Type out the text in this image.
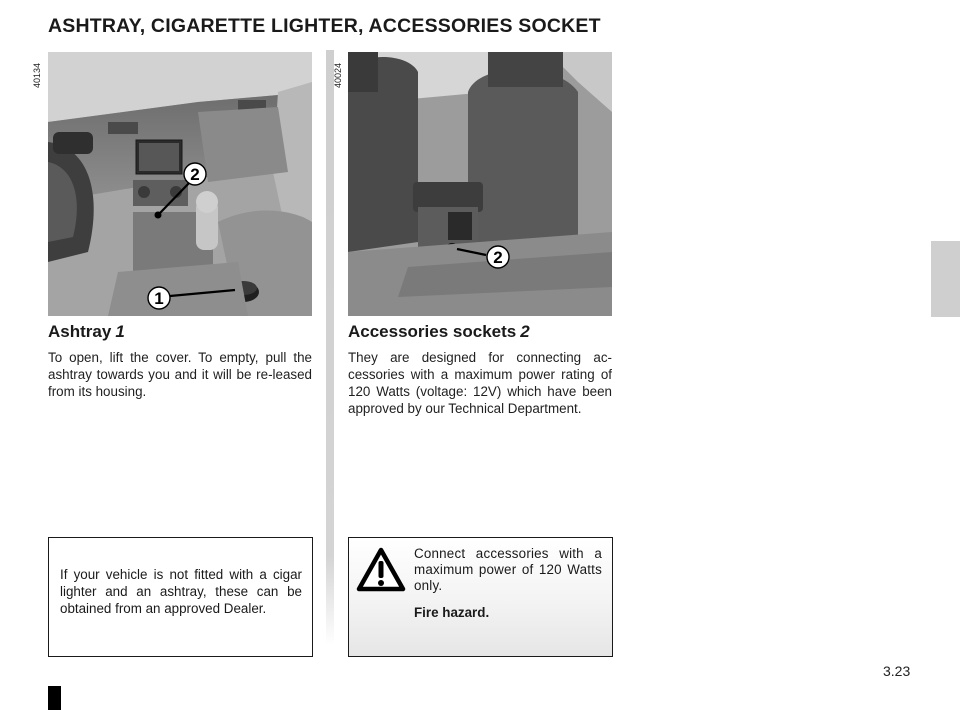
ASHTRAY, CIGARETTE LIGHTER, ACCESSORIES SOCKET
40134
1
2
40024
2
Ashtray 1
To open, lift the cover. To empty, pull the ashtray towards you and it will be re-leased from its housing.
Accessories sockets 2
They are designed for connecting ac-cessories with a maximum power rating of 120 Watts (voltage: 12V) which have been approved by our Technical Department.
If your vehicle is not fitted with a cigar lighter and an ashtray, these can be obtained from an approved Dealer.
Connect accessories with a maximum power of 120 Watts only.
Fire hazard.
3.23
